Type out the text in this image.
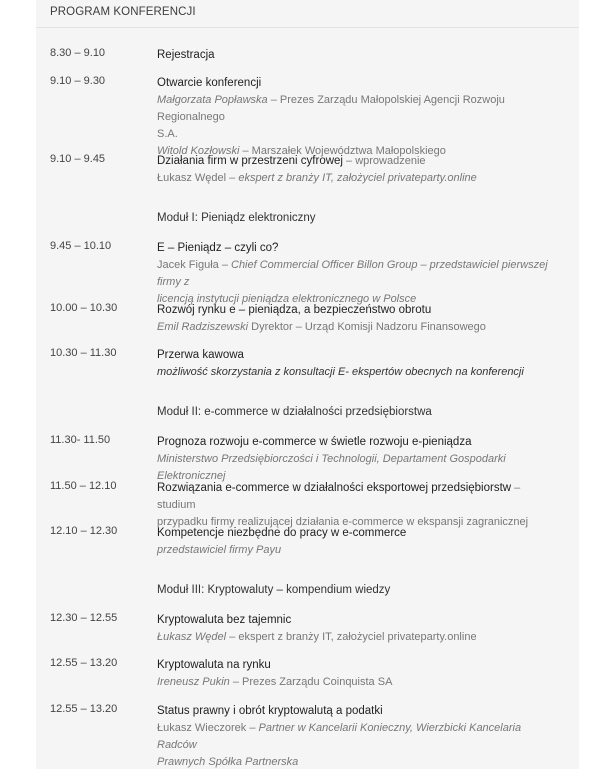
PROGRAM KONFERENCJI
8.30 – 9.10	Rejestracja
9.10 – 9.30	Otwarcie konferencji
Małgorzata Popławska – Prezes Zarządu Małopolskiej Agencji Rozwoju Regionalnego
S.A.
Witold Kozłowski – Marszałek Województwa Małopolskiego
9.10 – 9.45	Działania firm w przestrzeni cyfrowej – wprowadzenie
Łukasz Wędel – ekspert z branży IT, założyciel privateparty.online
Moduł I: Pieniądz elektroniczny
9.45 – 10.10	E – Pieniądz – czyli co?
Jacek Figuła – Chief Commercial Officer Billon Group – przedstawiciel pierwszej firmy z
licencją instytucji pieniądza elektronicznego w Polsce
10.00 – 10.30	Rozwój rynku e – pieniądza, a bezpieczeństwo obrotu
Emil Radziszewski Dyrektor – Urząd Komisji Nadzoru Finansowego
10.30 – 11.30	Przerwa kawowa
możliwość skorzystania z konsultacji E- ekspertów obecnych na konferencji
Moduł II: e-commerce w działalności przedsiębiorstwa
11.30- 11.50	Prognoza rozwoju e-commerce w świetle rozwoju e-pieniądza
Ministerstwo Przedsiębiorczości i Technologii, Departament Gospodarki Elektronicznej
11.50 – 12.10	Rozwiązania e-commerce w działalności eksportowej przedsiębiorstw – studium
przypadku firmy realizującej działania e-commerce w ekspansji zagranicznej
12.10 – 12.30	Kompetencje niezbędne do pracy w e-commerce
przedstawiciel firmy Payu
Moduł III: Kryptowaluty – kompendium wiedzy
12.30 – 12.55	Kryptowaluta bez tajemnic
Łukasz Wędel – ekspert z branży IT, założyciel privateparty.online
12.55 – 13.20	Kryptowaluta na rynku
Ireneusz Pukin – Prezes Zarządu Coinquista SA
12.55 – 13.20	Status prawny i obrót kryptowalutą a podatki
Łukasz Wieczorek – Partner w Kancelarii Konieczny, Wierzbicki Kancelaria Radców
Prawnych Spółka Partnerska
